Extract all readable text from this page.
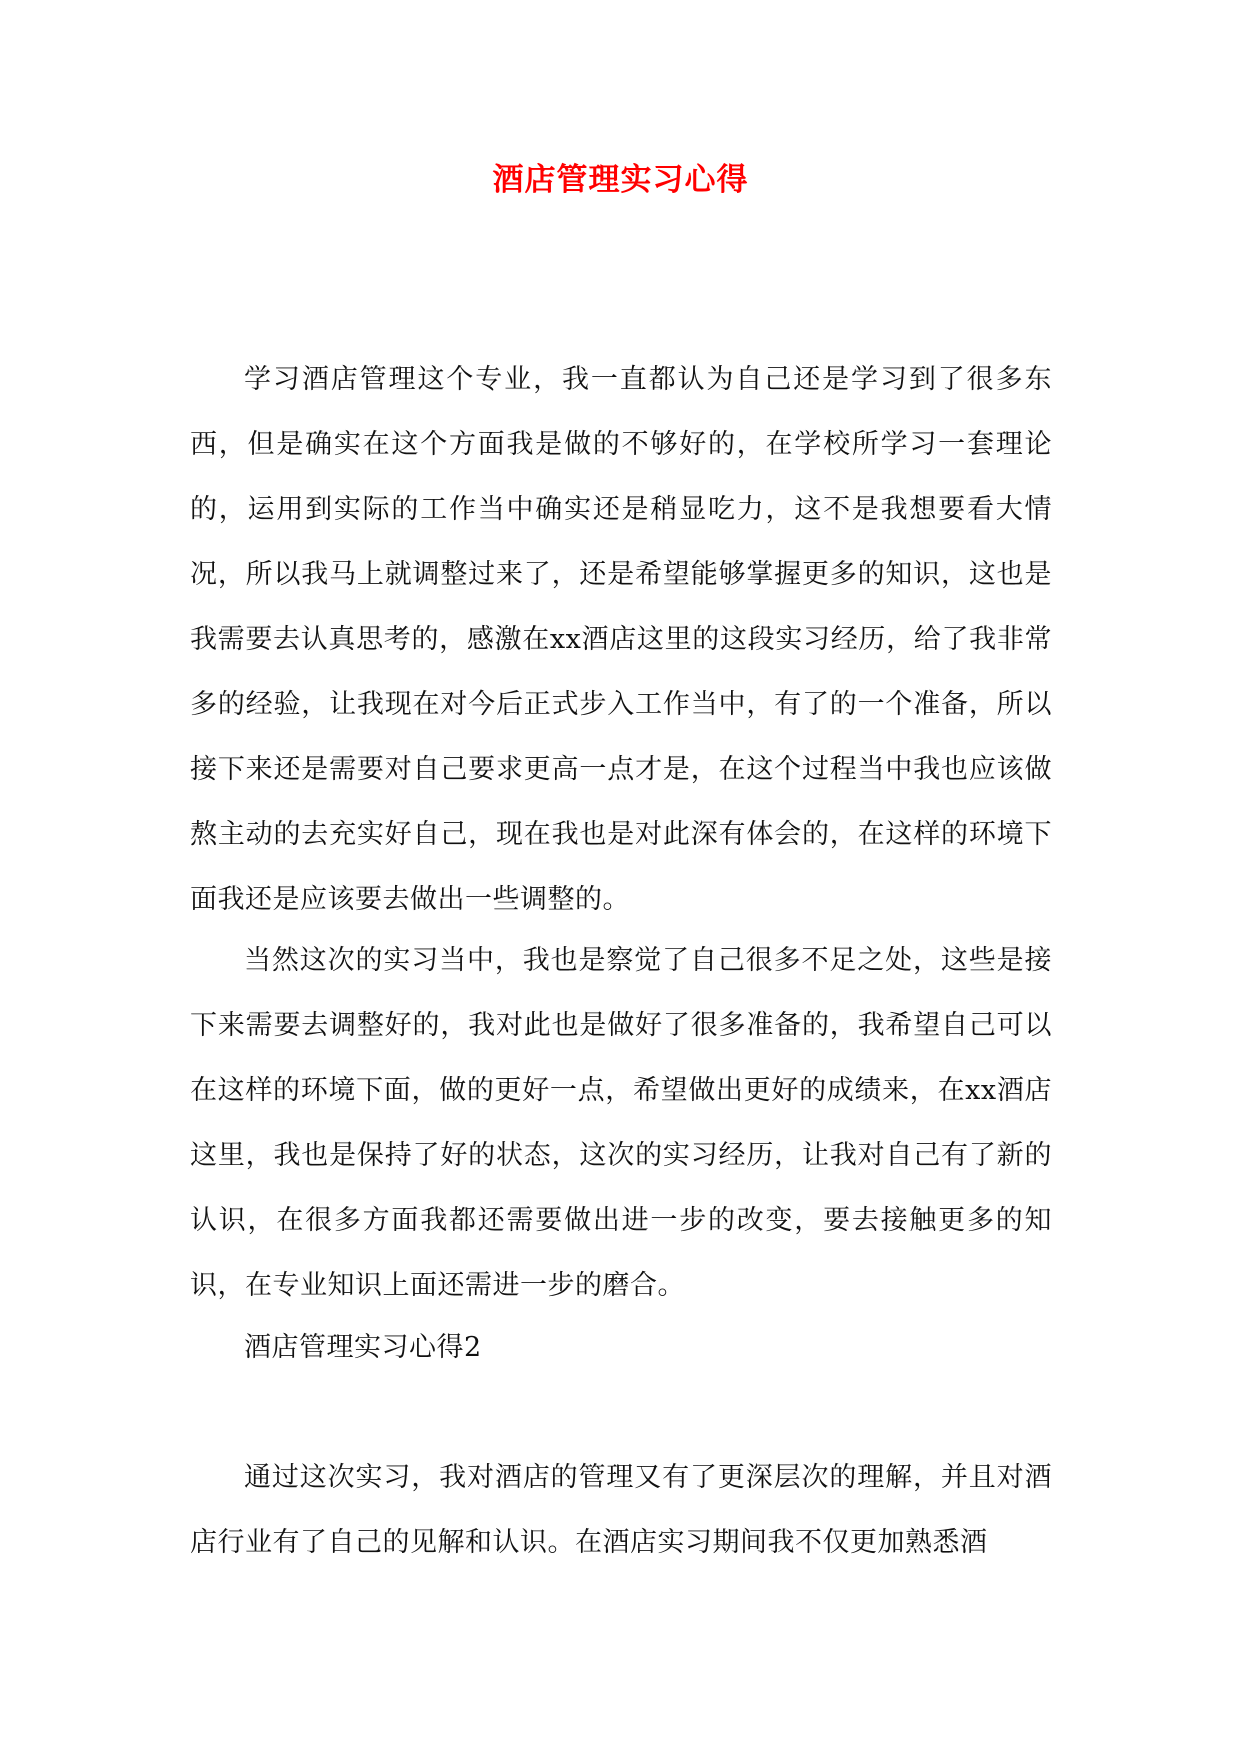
酒店管理实习心得

学习酒店管理这个专业，我一直都认为自己还是学习到了很多东西，但是确实在这个方面我是做的不够好的，在学校所学习一套理论的，运用到实际的工作当中确实还是稍显吃力，这不是我想要看大情况，所以我马上就调整过来了，还是希望能够掌握更多的知识，这也是我需要去认真思考的，感激在xx酒店这里的这段实习经历，给了我非常多的经验，让我现在对今后正式步入工作当中，有了的一个准备，所以接下来还是需要对自己要求更高一点才是，在这个过程当中我也应该做熬主动的去充实好自己，现在我也是对此深有体会的，在这样的环境下面我还是应该要去做出一些调整的。

当然这次的实习当中，我也是察觉了自己很多不足之处，这些是接下来需要去调整好的，我对此也是做好了很多准备的，我希望自己可以在这样的环境下面，做的更好一点，希望做出更好的成绩来，在xx酒店这里，我也是保持了好的状态，这次的实习经历，让我对自己有了新的认识，在很多方面我都还需要做出进一步的改变，要去接触更多的知识，在专业知识上面还需进一步的磨合。

酒店管理实习心得2

通过这次实习，我对酒店的管理又有了更深层次的理解，并且对酒店行业有了自己的见解和认识。在酒店实习期间我不仅更加熟悉酒
